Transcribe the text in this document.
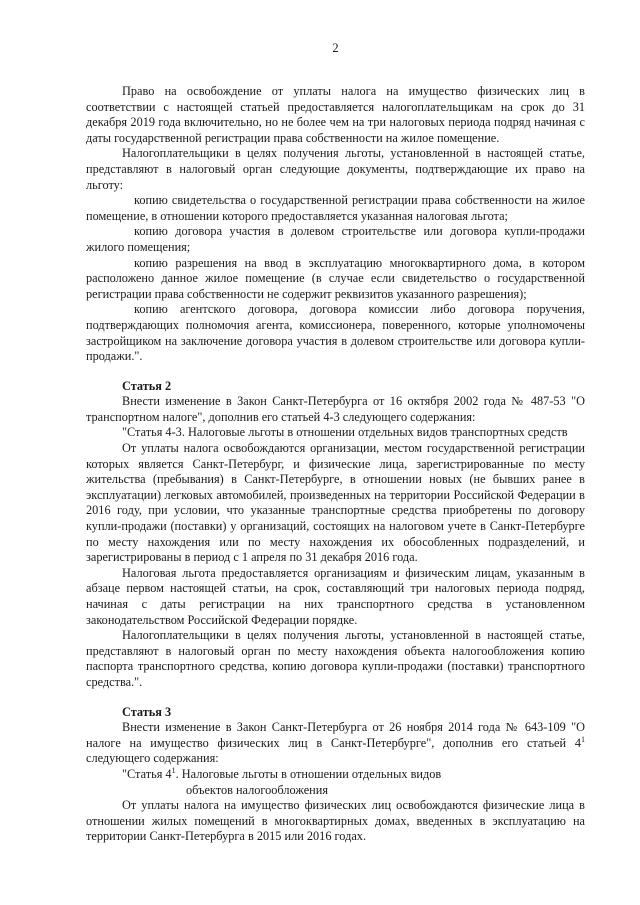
2

Право на освобождение от уплаты налога на имущество физических лиц в соответствии с настоящей статьей предоставляется налогоплательщикам на срок до 31 декабря 2019 года включительно, но не более чем на три налоговых периода подряд начиная с даты государственной регистрации права собственности на жилое помещение.

Налогоплательщики в целях получения льготы, установленной в настоящей статье, представляют в налоговый орган следующие документы, подтверждающие их право на льготу:

копию свидетельства о государственной регистрации права собственности на жилое помещение, в отношении которого предоставляется указанная налоговая льгота;

копию договора участия в долевом строительстве или договора купли-продажи жилого помещения;

копию разрешения на ввод в эксплуатацию многоквартирного дома, в котором расположено данное жилое помещение (в случае если свидетельство о государственной регистрации права собственности не содержит реквизитов указанного разрешения);

копию агентского договора, договора комиссии либо договора поручения, подтверждающих полномочия агента, комиссионера, поверенного, которые уполномочены застройщиком на заключение договора участия в долевом строительстве или договора купли-продажи.".

Статья 2

Внести изменение в Закон Санкт-Петербурга от 16 октября 2002 года № 487-53 "О транспортном налоге", дополнив его статьей 4-3 следующего содержания:

"Статья 4-3. Налоговые льготы в отношении отдельных видов транспортных средств

От уплаты налога освобождаются организации, местом государственной регистрации которых является Санкт-Петербург, и физические лица, зарегистрированные по месту жительства (пребывания) в Санкт-Петербурге, в отношении новых (не бывших ранее в эксплуатации) легковых автомобилей, произведенных на территории Российской Федерации в 2016 году, при условии, что указанные транспортные средства приобретены по договору купли-продажи (поставки) у организаций, состоящих на налоговом учете в Санкт-Петербурге по месту нахождения или по месту нахождения их обособленных подразделений, и зарегистрированы в период с 1 апреля по 31 декабря 2016 года.

Налоговая льгота предоставляется организациям и физическим лицам, указанным в абзаце первом настоящей статьи, на срок, составляющий три налоговых периода подряд, начиная с даты регистрации на них транспортного средства в установленном законодательством Российской Федерации порядке.

Налогоплательщики в целях получения льготы, установленной в настоящей статье, представляют в налоговый орган по месту нахождения объекта налогообложения копию паспорта транспортного средства, копию договора купли-продажи (поставки) транспортного средства.".

Статья 3

Внести изменение в Закон Санкт-Петербурга от 26 ноября 2014 года № 643-109 "О налоге на имущество физических лиц в Санкт-Петербурге", дополнив его статьей $4^1$ следующего содержания:

"Статья $4^1$. Налоговые льготы в отношении отдельных видов

объектов налогообложения

От уплаты налога на имущество физических лиц освобождаются физические лица в отношении жилых помещений в многоквартирных домах, введенных в эксплуатацию на территории Санкт-Петербурга в 2015 или 2016 годах.
